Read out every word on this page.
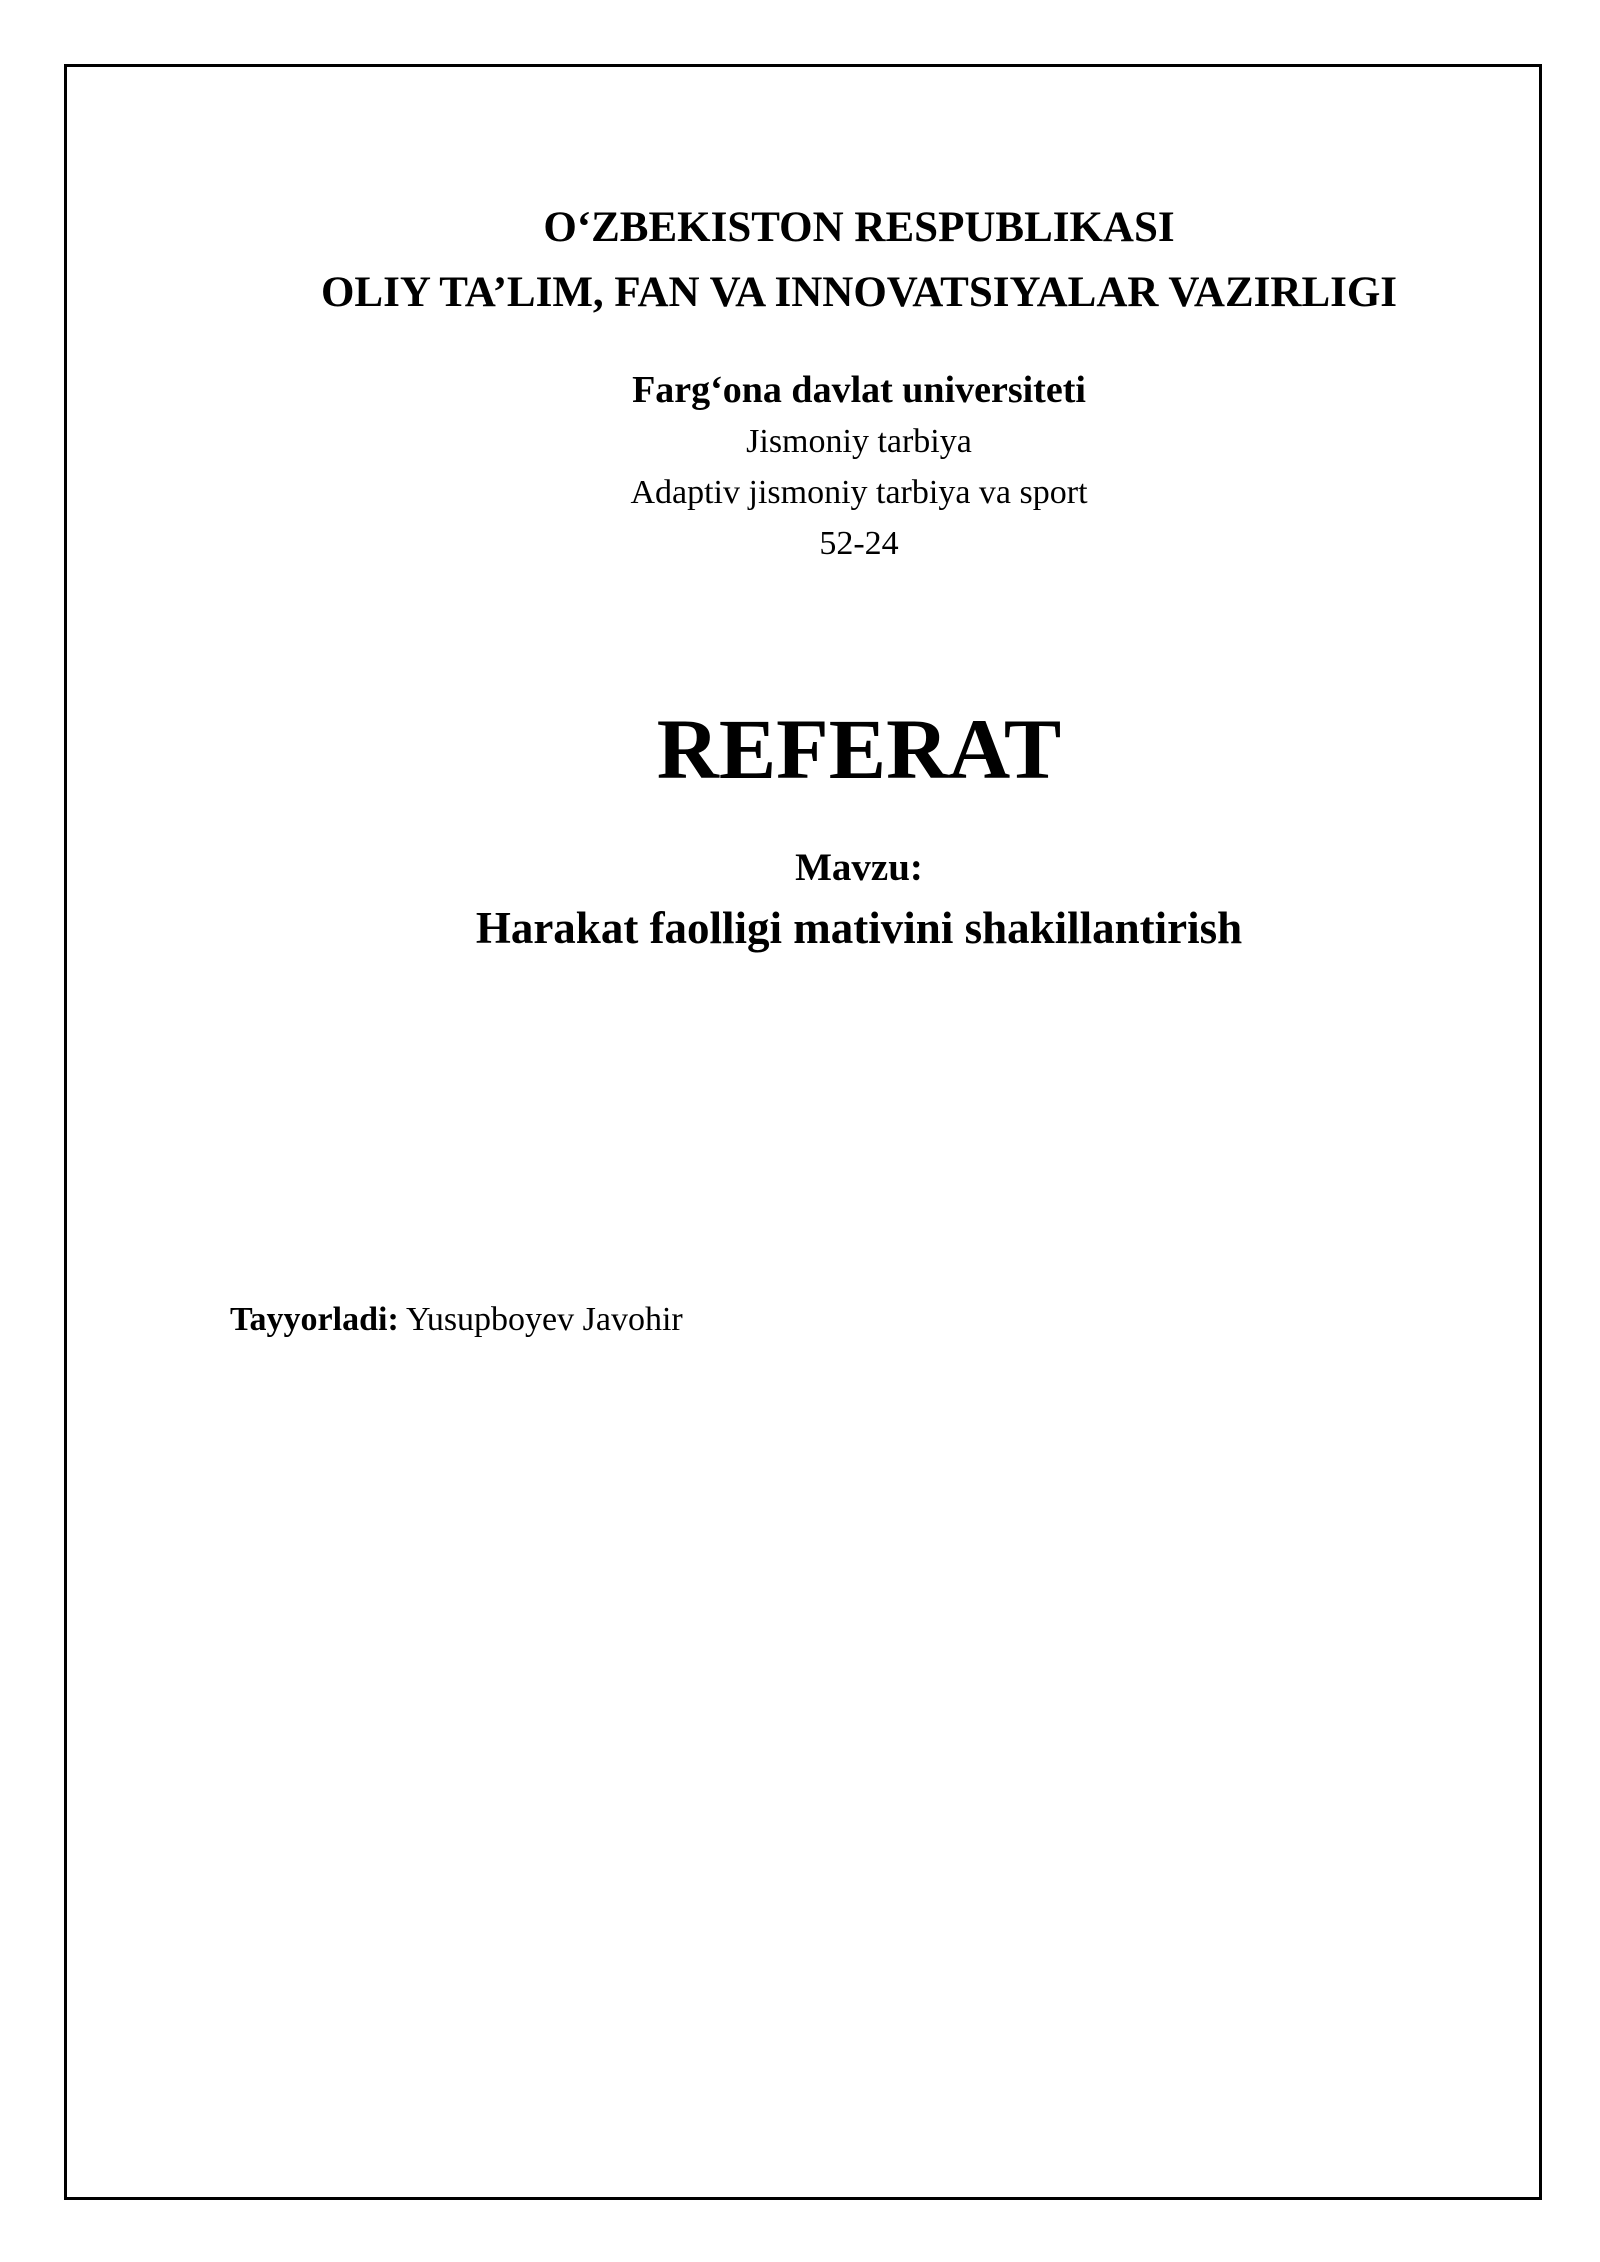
O‘ZBEKISTON RESPUBLIKASI
OLIY TA’LIM, FAN VA INNOVATSIYALAR VAZIRLIGI
Farg‘ona davlat universiteti
Jismoniy tarbiya
Adaptiv jismoniy tarbiya va sport
52-24
REFERAT
Mavzu:
Harakat faolligi mativini shakillantirish
Tayyorladi: Yusupboyev Javohir
